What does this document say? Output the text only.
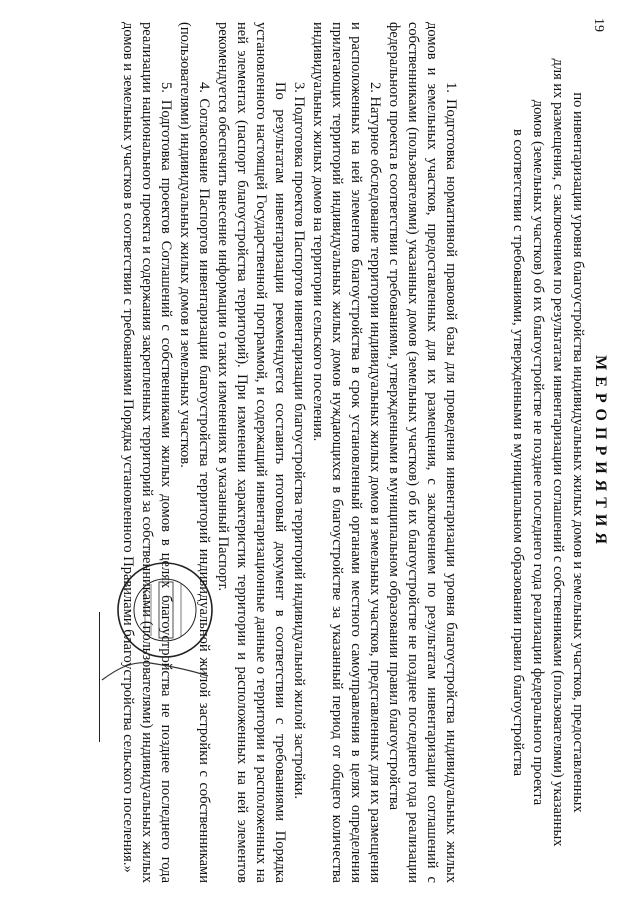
19
МЕРОПРИЯТИЯ
по инвентаризации уровня благоустройства индивидуальных жилых домов и земельных участков, предоставленных
для их размещения, с заключением по результатам инвентаризации соглашений с собственниками (пользователями) указанных
домов (земельных участков) об их благоустройстве не позднее последнего года реализации федерального проекта
в соответствии с требованиями, утвержденными в муниципальном образовании правил благоустройства

1. Подготовка нормативной правовой базы для проведения инвентаризации уровня благоустройства индивидуальных жилых домов и земельных участков, предоставленных для их размещения, с заключением по результатам инвентаризации соглашений с собственниками (пользователями) указанных домов (земельных участков) об их благоустройстве не позднее последнего года реализации федерального проекта в соответствии с требованиями, утвержденными в муниципальном образовании правил благоустройства

2. Натурное обследование территории индивидуальных жилых домов и земельных участков, представленных для их размещения и расположенных на ней элементов благоустройства в срок установленный органами местного самоуправления в целях определения прилегающих территорий индивидуальных жилых домов нуждающихся в благоустройстве за указанный период от общего количества индивидуальных жилых домов на территории сельского поселения.

3. Подготовка проектов Паспортов инвентаризации благоустройства территорий индивидуальной жилой застройки.

По результатам инвентаризации рекомендуется составить итоговый документ в соответствии с требованиями Порядка установленного настоящей Государственной программой, и содержащий инвентаризационные данные о территории и расположенных на ней элементах (паспорт благоустройства территорий). При изменении характеристик территории и расположенных на ней элементов рекомендуется обеспечить внесение информации о таких изменениях в указанный Паспорт.

4. Согласование Паспортов инвентаризации благоустройства территорий индивидуальной жилой застройки с собственниками (пользователями) индивидуальных жилых домов и земельных участков.

5. Подготовка проектов Соглашений с собственниками жилых домов в целях благоустройства не позднее последнего года реализации национального проекта и содержания закрепленных территорий за собственниками (пользователями) индивидуальных жилых домов и земельных участков в соответствии с требованиями Порядка установленного Правилами благоустройства сельского поселения.»
